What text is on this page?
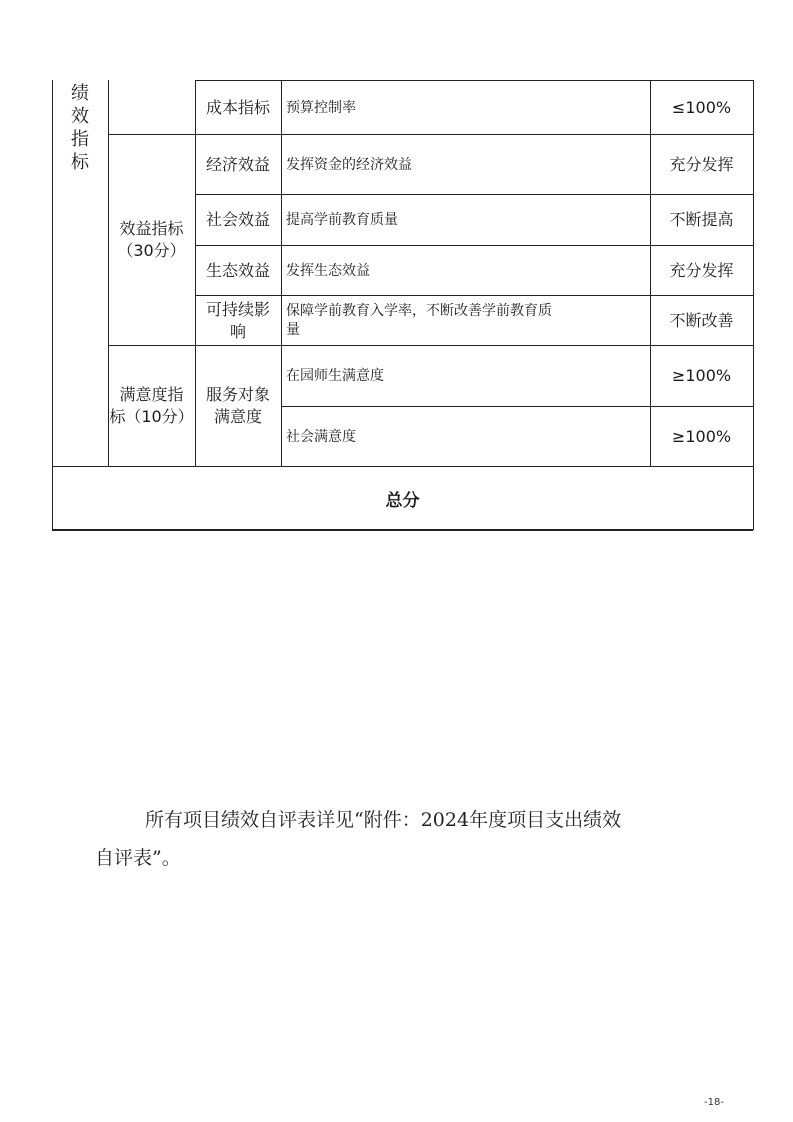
绩
效
指
标
效益指标
（30分）
满意度指
标（10分）
成本指标
经济效益
社会效益
生态效益
可持续影
响
服务对象
满意度
预算控制率
发挥资金的经济效益
提高学前教育质量
发挥生态效益
保障学前教育入学率，不断改善学前教育质
量
在园师生满意度
社会满意度
≤100%
充分发挥
不断提高
充分发挥
不断改善
≥100%
≥100%
总分
所有项目绩效自评表详见“附件：2024年度项目支出绩效
自评表”。
-18-
